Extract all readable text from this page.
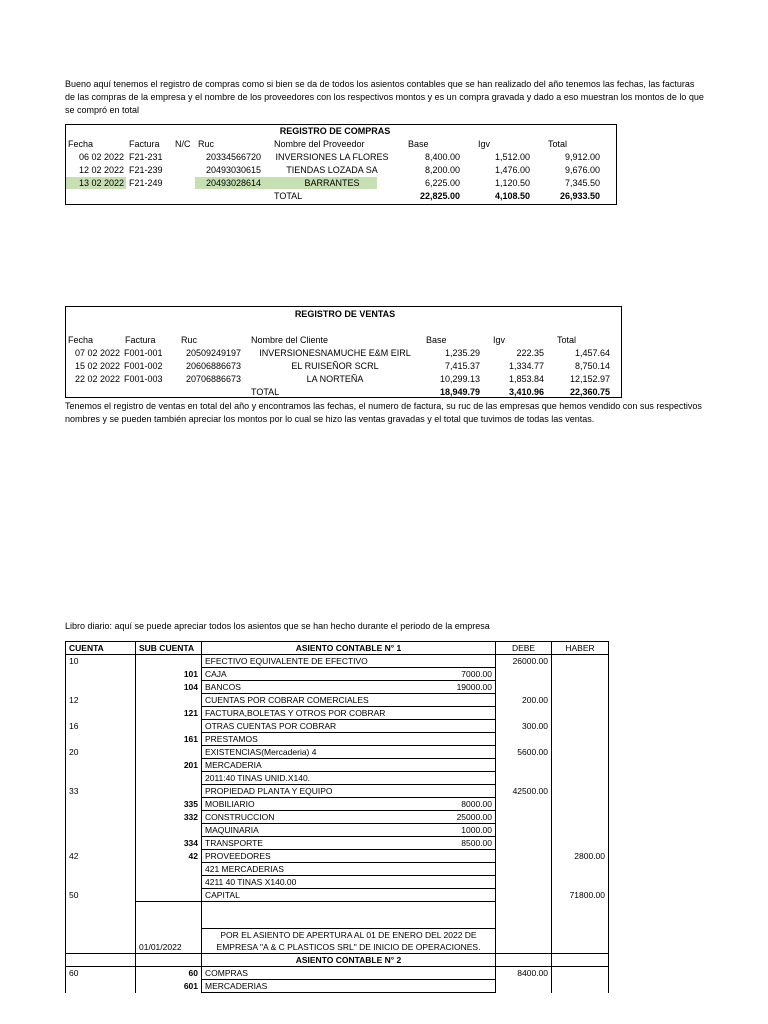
Bueno aquí tenemos el registro de compras como si bien se da de todos los asientos contables que se han realizado del año tenemos las fechas, las facturas de las compras de la empresa y el nombre de los proveedores con los respectivos montos y es un compra gravada y dado a eso muestran los montos de lo que se compró en total
REGISTRO DE COMPRAS
Fecha	Factura N/C Ruc	Nombre del Proveedor	Base	Igv	Total
06 02 2022 F21-231	20334566720	INVERSIONES LA FLORES	8,400.00	1,512.00	9,912.00
12 02 2022 F21-239	20493030615	TIENDAS LOZADA SA	8,200.00	1,476.00	9,676.00
13 02 2022 F21-249	20493028614	BARRANTES	6,225.00	1,120.50	7,345.50
TOTAL	22,825.00	4,108.50	26,933.50
REGISTRO DE VENTAS
Fecha	Factura	Ruc	Nombre del Cliente	Base	Igv	Total
07 02 2022 F001-001	20509249197	INVERSIONESNAMUCHE E&M EIRL	1,235.29	222.35	1,457.64
15 02 2022 F001-002	20606886673	EL RUISEÑOR SCRL	7,415.37	1,334.77	8,750.14
22 02 2022 F001-003	20706886673	LA NORTEÑA	10,299.13	1,853.84	12,152.97
TOTAL	18,949.79	3,410.96	22,360.75
Tenemos el registro de ventas en total del año y encontramos las fechas, el numero de factura, su ruc de las empresas que hemos vendido con sus respectivos nombres y se pueden también apreciar los montos por lo cual se hizo las ventas gravadas y el total que tuvimos de todas las ventas.
Libro diario: aquí se puede apreciar todos los asientos que se han hecho durante el periodo de la empresa
CUENTA	SUB CUENTA	ASIENTO CONTABLE N° 1		DEBE	HABER
10		EFECTIVO EQUIVALENTE DE EFECTIVO		26000.00	
	101	CAJA	7000.00		
	104	BANCOS	19000.00		
12		CUENTAS POR COBRAR COMERCIALES		200.00	
	121	FACTURA,BOLETAS Y OTROS POR COBRAR			
16		OTRAS CUENTAS POR COBRAR		300.00	
	161	PRESTAMOS			
20		EXISTENCIAS(Mercaderia) 4		5600.00	
	201	MERCADERIA			
		2011:40 TINAS UNID.X140.			
33		PROPIEDAD PLANTA Y EQUIPO		42500.00	
	335	MOBILIARIO	8000.00		
	332	CONSTRUCCION	25000.00		
		MAQUINARIA	1000.00		
	334	TRANSPORTE	8500.00		
42	42	PROVEEDORES			2800.00
		421 MERCADERIAS			
		4211 40 TINAS X140.00			
50		CAPITAL			71800.00

	01/01/2022	POR EL ASIENTO DE APERTURA AL 01 DE ENERO DEL 2022 DE
EMPRESA "A & C PLASTICOS SRL" DE INICIO DE OPERACIONES.			

		ASIENTO CONTABLE N° 2			
60	60	COMPRAS		8400.00	
	601	MERCADERIAS			
